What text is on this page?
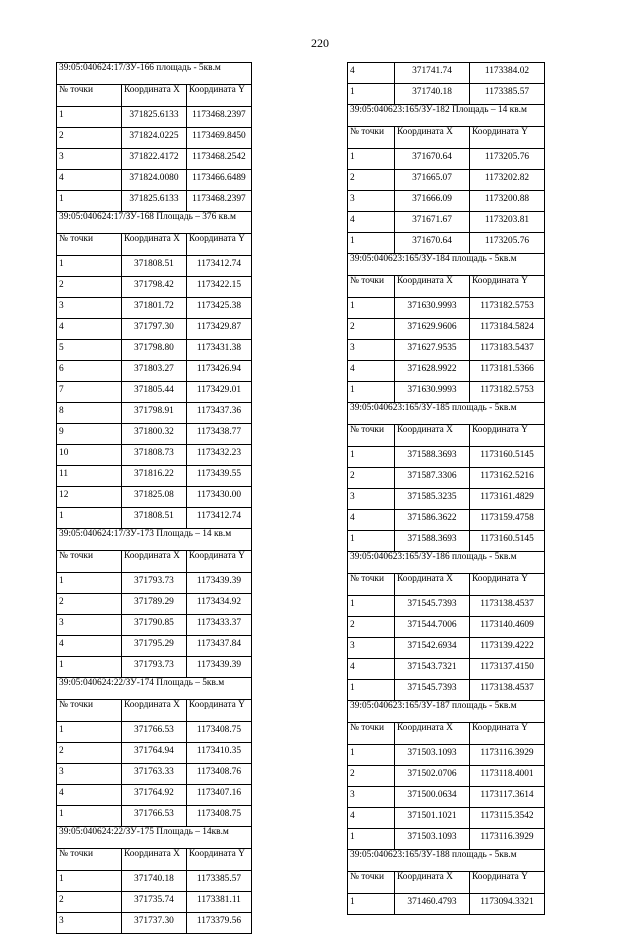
220
39:05:040624:17/ЗУ-166 площадь - 5кв.м		
№ точки	Координата X	Координата Y
1	371825.6133	1173468.2397
2	371824.0225	1173469.8450
3	371822.4172	1173468.2542
4	371824.0080	1173466.6489
1	371825.6133	1173468.2397
39:05:040624:17/ЗУ-168 Площадь – 376 кв.м		
№ точки	Координата X	Координата Y
1	371808.51	1173412.74
2	371798.42	1173422.15
3	371801.72	1173425.38
4	371797.30	1173429.87
5	371798.80	1173431.38
6	371803.27	1173426.94
7	371805.44	1173429.01
8	371798.91	1173437.36
9	371800.32	1173438.77
10	371808.73	1173432.23
11	371816.22	1173439.55
12	371825.08	1173430.00
1	371808.51	1173412.74
39:05:040624:17/ЗУ-173 Площадь – 14 кв.м		
№ точки	Координата X	Координата Y
1	371793.73	1173439.39
2	371789.29	1173434.92
3	371790.85	1173433.37
4	371795.29	1173437.84
1	371793.73	1173439.39
39:05:040624:22/ЗУ-174 Площадь – 5кв.м		
№ точки	Координата X	Координата Y
1	371766.53	1173408.75
2	371764.94	1173410.35
3	371763.33	1173408.76
4	371764.92	1173407.16
1	371766.53	1173408.75
39:05:040624:22/ЗУ-175 Площадь – 14кв.м		
№ точки	Координата X	Координата Y
1	371740.18	1173385.57
2	371735.74	1173381.11
3	371737.30	1173379.56
4	371741.74	1173384.02
1	371740.18	1173385.57
39:05:040623:165/ЗУ-182 Площадь – 14 кв.м		
№ точки	Координата X	Координата Y
1	371670.64	1173205.76
2	371665.07	1173202.82
3	371666.09	1173200.88
4	371671.67	1173203.81
1	371670.64	1173205.76
39:05:040623:165/ЗУ-184 площадь - 5кв.м		
№ точки	Координата X	Координата Y
1	371630.9993	1173182.5753
2	371629.9606	1173184.5824
3	371627.9535	1173183.5437
4	371628.9922	1173181.5366
1	371630.9993	1173182.5753
39:05:040623:165/ЗУ-185 площадь - 5кв.м		
№ точки	Координата X	Координата Y
1	371588.3693	1173160.5145
2	371587.3306	1173162.5216
3	371585.3235	1173161.4829
4	371586.3622	1173159.4758
1	371588.3693	1173160.5145
39:05:040623:165/ЗУ-186 площадь - 5кв.м		
№ точки	Координата X	Координата Y
1	371545.7393	1173138.4537
2	371544.7006	1173140.4609
3	371542.6934	1173139.4222
4	371543.7321	1173137.4150
1	371545.7393	1173138.4537
39:05:040623:165/ЗУ-187 площадь - 5кв.м		
№ точки	Координата X	Координата Y
1	371503.1093	1173116.3929
2	371502.0706	1173118.4001
3	371500.0634	1173117.3614
4	371501.1021	1173115.3542
1	371503.1093	1173116.3929
39:05:040623:165/ЗУ-188 площадь - 5кв.м		
№ точки	Координата X	Координата Y
1	371460.4793	1173094.3321
